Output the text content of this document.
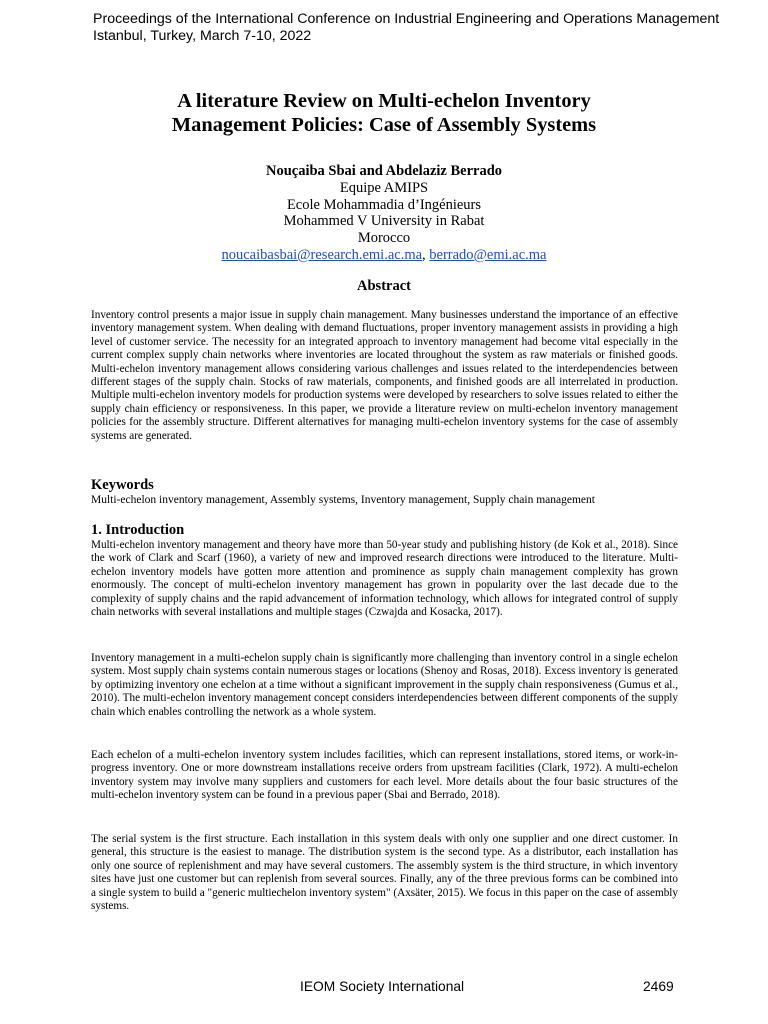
Proceedings of the International Conference on Industrial Engineering and Operations Management
Istanbul, Turkey, March 7-10, 2022
A literature Review on Multi-echelon Inventory
Management Policies: Case of Assembly Systems
Nouçaiba Sbai and Abdelaziz Berrado
Equipe AMIPS
Ecole Mohammadia d’Ingénieurs
Mohammed V University in Rabat
Morocco
noucaibasbai@research.emi.ac.ma, berrado@emi.ac.ma
Abstract

Inventory control presents a major issue in supply chain management. Many businesses understand the importance of an effective inventory management system. When dealing with demand fluctuations, proper inventory management assists in providing a high level of customer service. The necessity for an integrated approach to inventory management had become vital especially in the current complex supply chain networks where inventories are located throughout the system as raw materials or finished goods. Multi-echelon inventory management allows considering various challenges and issues related to the interdependencies between different stages of the supply chain. Stocks of raw materials, components, and finished goods are all interrelated in production. Multiple multi-echelon inventory models for production systems were developed by researchers to solve issues related to either the supply chain efficiency or responsiveness. In this paper, we provide a literature review on multi-echelon inventory management policies for the assembly structure. Different alternatives for managing multi-echelon inventory systems for the case of assembly systems are generated.

Keywords
Multi-echelon inventory management, Assembly systems, Inventory management, Supply chain management
1. Introduction

Multi-echelon inventory management and theory have more than 50-year study and publishing history (de Kok et al., 2018). Since the work of Clark and Scarf (1960), a variety of new and improved research directions were introduced to the literature. Multi-echelon inventory models have gotten more attention and prominence as supply chain management complexity has grown enormously. The concept of multi-echelon inventory management has grown in popularity over the last decade due to the complexity of supply chains and the rapid advancement of information technology, which allows for integrated control of supply chain networks with several installations and multiple stages (Czwajda and Kosacka, 2017).

Inventory management in a multi-echelon supply chain is significantly more challenging than inventory control in a single echelon system. Most supply chain systems contain numerous stages or locations (Shenoy and Rosas, 2018). Excess inventory is generated by optimizing inventory one echelon at a time without a significant improvement in the supply chain responsiveness (Gumus et al., 2010). The multi-echelon inventory management concept considers interdependencies between different components of the supply chain which enables controlling the network as a whole system.

Each echelon of a multi-echelon inventory system includes facilities, which can represent installations, stored items, or work-in-progress inventory. One or more downstream installations receive orders from upstream facilities (Clark, 1972). A multi-echelon inventory system may involve many suppliers and customers for each level. More details about the four basic structures of the multi-echelon inventory system can be found in a previous paper (Sbai and Berrado, 2018).

The serial system is the first structure. Each installation in this system deals with only one supplier and one direct customer. In general, this structure is the easiest to manage. The distribution system is the second type. As a distributor, each installation has only one source of replenishment and may have several customers. The assembly system is the third structure, in which inventory sites have just one customer but can replenish from several sources. Finally, any of the three previous forms can be combined into a single system to build a "generic multiechelon inventory system" (Axsäter, 2015). We focus in this paper on the case of assembly systems.

IEOM Society International	2469
